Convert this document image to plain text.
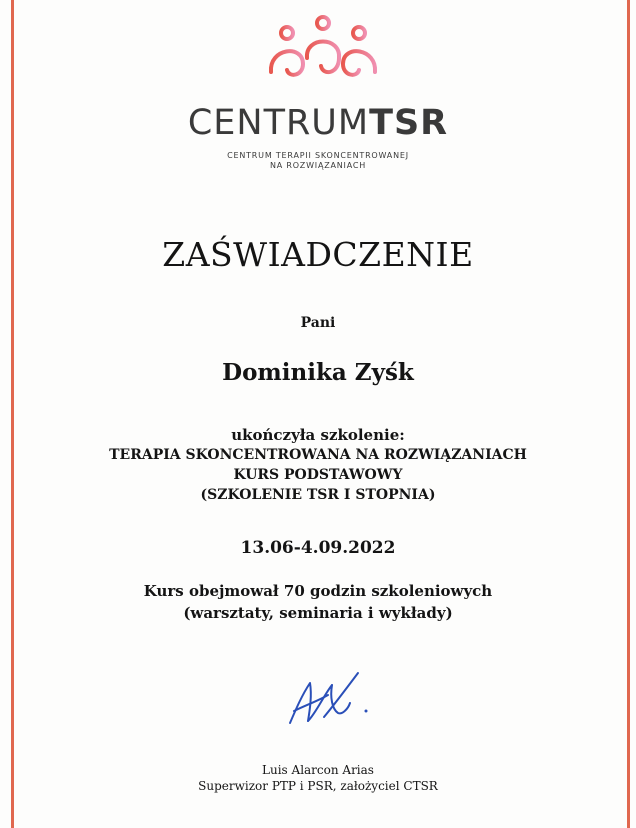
CENTRUMTSR
CENTRUM TERAPII SKONCENTROWANEJ
NA ROZWIĄZANIACH
ZAŚWIADCZENIE
Pani
Dominika Zyśk
ukończyła szkolenie:
TERAPIA SKONCENTROWANA NA ROZWIĄZANIACH
KURS PODSTAWOWY
(SZKOLENIE TSR I STOPNIA)
13.06-4.09.2022
Kurs obejmował 70 godzin szkoleniowych
(warsztaty, seminaria i wykłady)
Luis Alarcon Arias
Superwizor PTP i PSR, założyciel CTSR
